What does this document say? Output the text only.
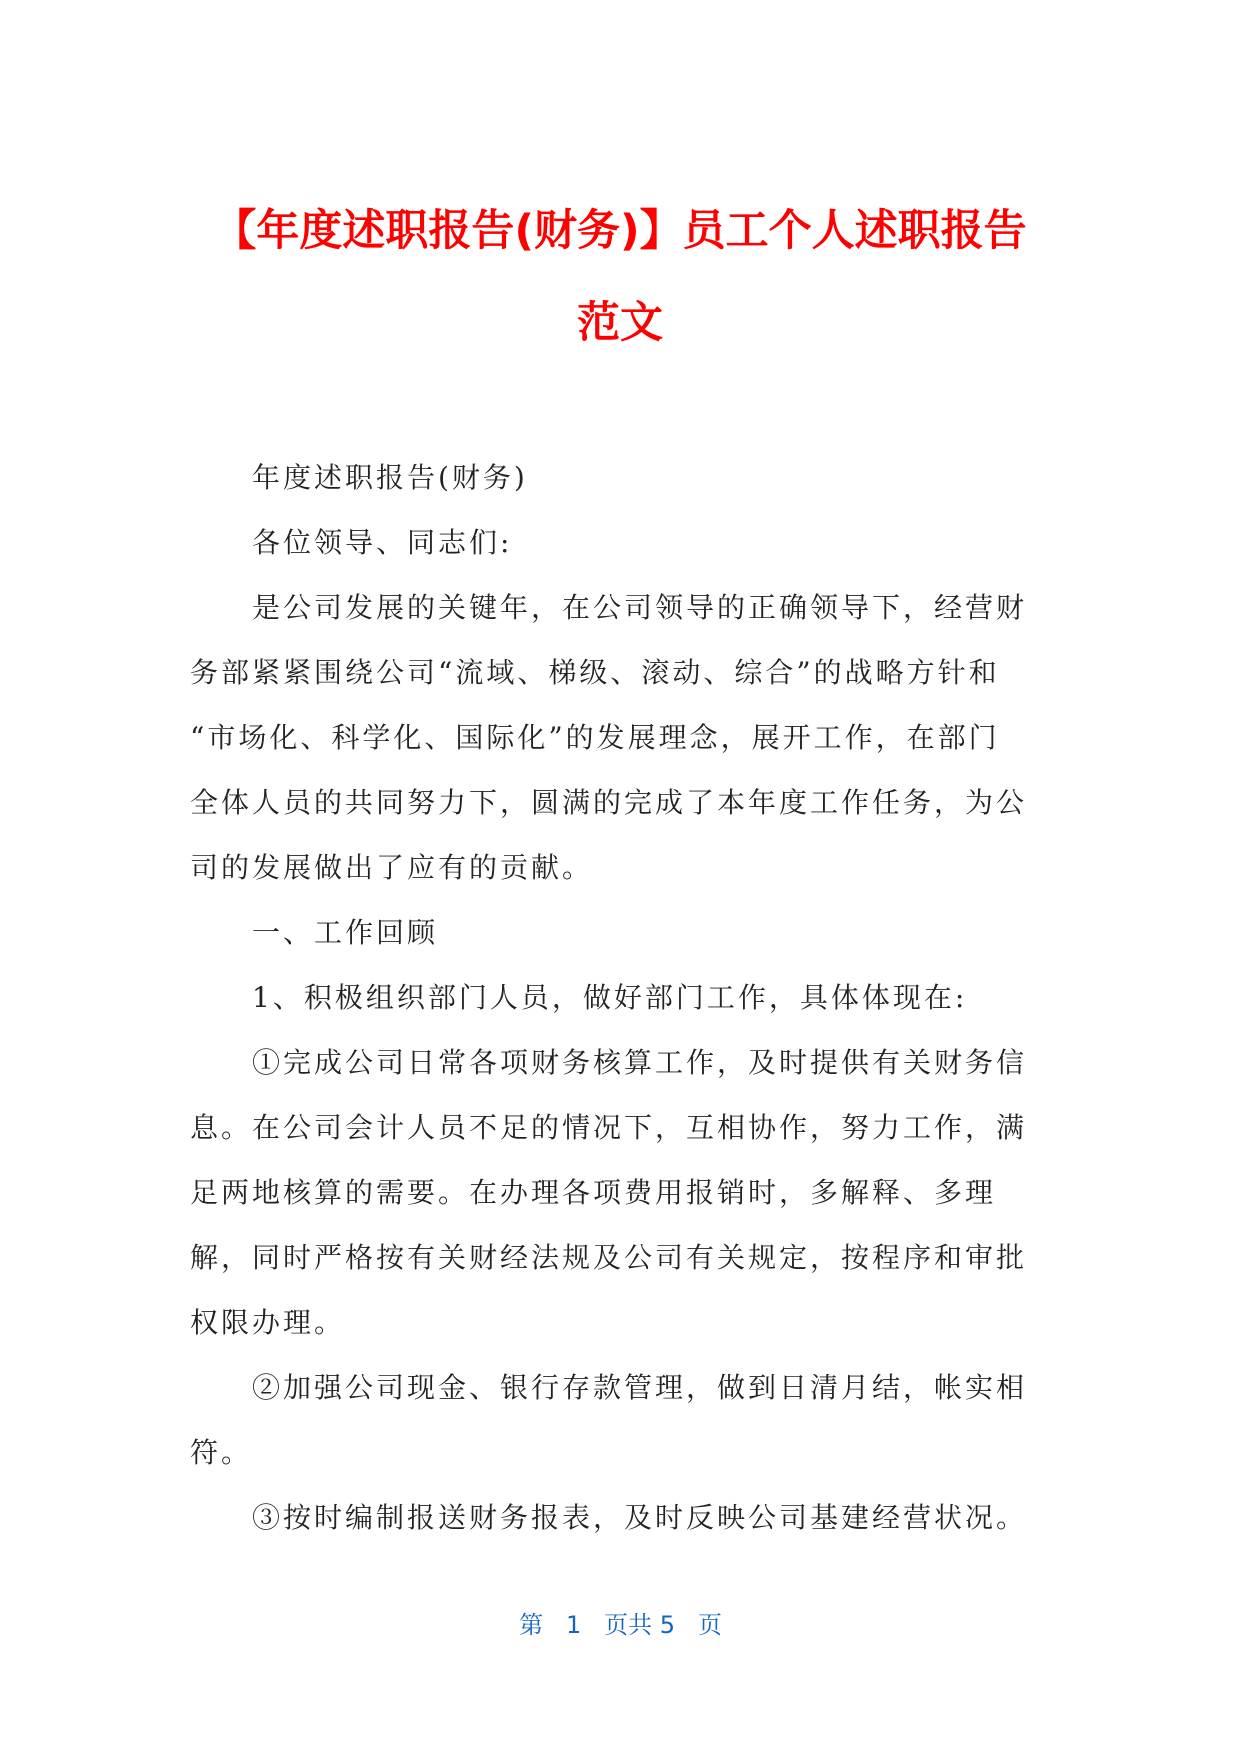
【年度述职报告(财务)】员工个人述职报告
范文
年度述职报告(财务)
各位领导、同志们:
是公司发展的关键年，在公司领导的正确领导下，经营财
务部紧紧围绕公司“流域、梯级、滚动、综合”的战略方针和
“市场化、科学化、国际化”的发展理念，展开工作，在部门
全体人员的共同努力下，圆满的完成了本年度工作任务，为公
司的发展做出了应有的贡献。
一、工作回顾
1、积极组织部门人员，做好部门工作，具体体现在:
①完成公司日常各项财务核算工作，及时提供有关财务信
息。在公司会计人员不足的情况下，互相协作，努力工作，满
足两地核算的需要。在办理各项费用报销时，多解释、多理
解，同时严格按有关财经法规及公司有关规定，按程序和审批
权限办理。
②加强公司现金、银行存款管理，做到日清月结，帐实相
符。
③按时编制报送财务报表，及时反映公司基建经营状况。
第 1 页共 5 页
